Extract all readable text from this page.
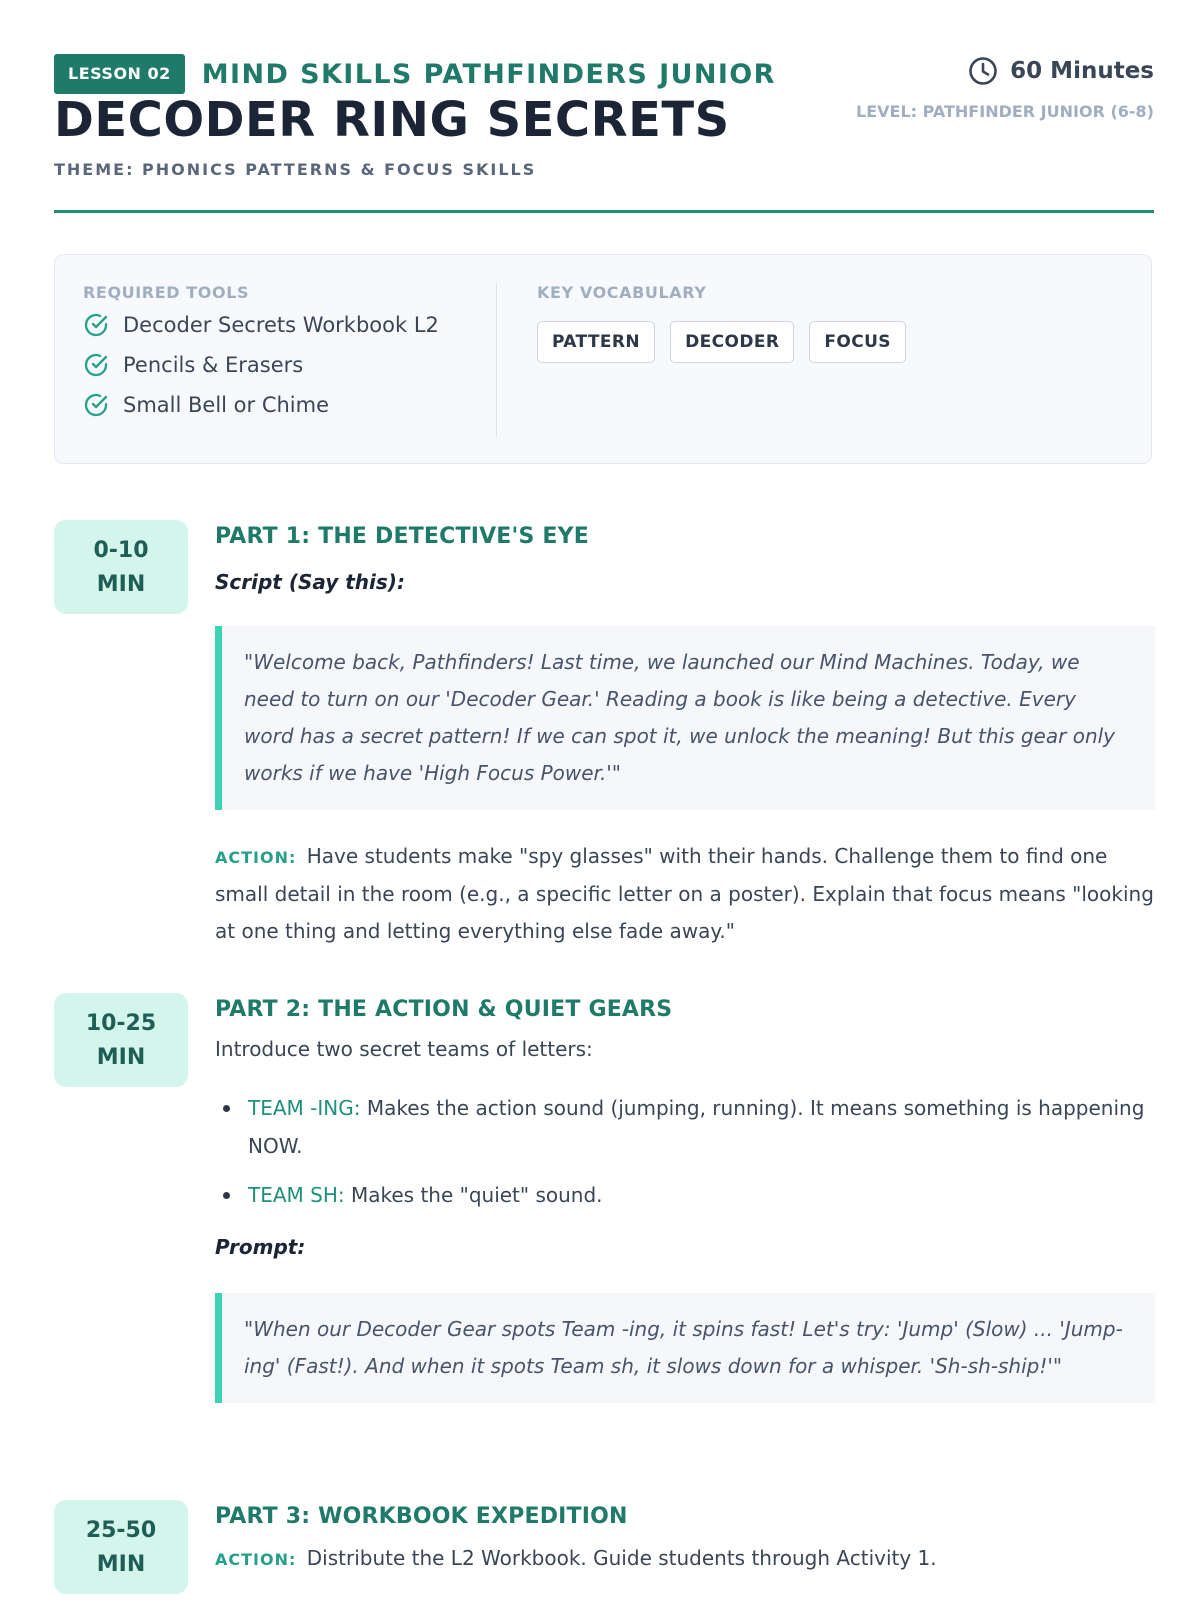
LESSON 02	MIND SKILLS PATHFINDERS JUNIOR
DECODER RING SECRETS
THEME: PHONICS PATTERNS & FOCUS SKILLS
60 Minutes
LEVEL: PATHFINDER JUNIOR (6-8)
REQUIRED TOOLS
Decoder Secrets Workbook L2
Pencils & Erasers
Small Bell or Chime
KEY VOCABULARY
PATTERN	DECODER	FOCUS
0-10
MIN
PART 1: THE DETECTIVE'S EYE
Script (Say this):
"Welcome back, Pathfinders! Last time, we launched our Mind Machines. Today, we need to turn on our 'Decoder Gear.' Reading a book is like being a detective. Every word has a secret pattern! If we can spot it, we unlock the meaning! But this gear only works if we have 'High Focus Power.'"
ACTION: Have students make "spy glasses" with their hands. Challenge them to find one small detail in the room (e.g., a specific letter on a poster). Explain that focus means "looking at one thing and letting everything else fade away."
10-25
MIN
PART 2: THE ACTION & QUIET GEARS
Introduce two secret teams of letters:
TEAM -ING: Makes the action sound (jumping, running). It means something is happening NOW.
TEAM SH: Makes the "quiet" sound.
Prompt:
"When our Decoder Gear spots Team -ing, it spins fast! Let's try: 'Jump' (Slow) ... 'Jump-ing' (Fast!). And when it spots Team sh, it slows down for a whisper. 'Sh-sh-ship!'"
25-50
MIN
PART 3: WORKBOOK EXPEDITION
ACTION: Distribute the L2 Workbook. Guide students through Activity 1.
